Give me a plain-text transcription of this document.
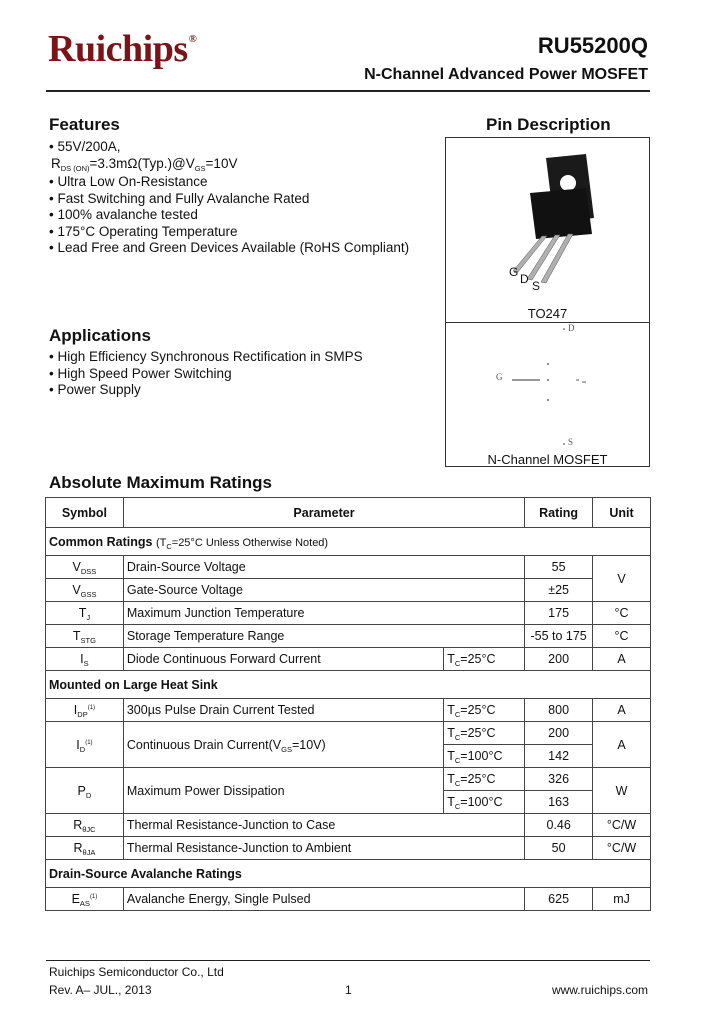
Ruichips®	RU55200Q
N-Channel Advanced Power MOSFET
Features
• 55V/200A,
$R_{DS (ON)}=3.3m\Omega(Typ.)@V_{GS}=10V$
• Ultra Low On-Resistance
• Fast Switching and Fully Avalanche Rated
• 100% avalanche tested
• 175°C Operating Temperature
• Lead Free and Green Devices Available (RoHS Compliant)
Applications
• High Efficiency Synchronous Rectification in SMPS
• High Speed Power Switching
• Power Supply
Pin Description
G D S
TO247
D
G
S
N-Channel MOSFET
Absolute Maximum Ratings
Symbol	Parameter		Rating	Unit
Common Ratings ($T_C=25^\circ C$ Unless Otherwise Noted)				
$V_{DSS}$	Drain-Source Voltage		55	V
$V_{GSS}$	Gate-Source Voltage		±25	
$T_J$	Maximum Junction Temperature		175	°C
$T_{STG}$	Storage Temperature Range		-55 to 175	°C
$I_S$	Diode Continuous Forward Current	$T_C=25^\circ C$	200	A
Mounted on Large Heat Sink				
$I_{DP}^{(1)}$	300µs Pulse Drain Current Tested	$T_C=25^\circ C$	800	A
$I_D^{(1)}$	Continuous Drain $Current(V_{GS}=10V)$	$T_C=25^\circ C$	200	A
		$T_C=100^\circ C$	142	
$P_D$	Maximum Power Dissipation	$T_C=25^\circ C$	326	W
		$T_C=100^\circ C$	163	
$R_{\theta JC}$	Thermal Resistance-Junction to Case		0.46	°C/W
$R_{\theta JA}$	Thermal Resistance-Junction to Ambient		50	°C/W
Drain-Source Avalanche Ratings				
$E_{AS}^{(1)}$	Avalanche Energy, Single Pulsed		625	mJ
Ruichips Semiconductor Co., Ltd
Rev. A– JUL., 2013	1	www.ruichips.com
